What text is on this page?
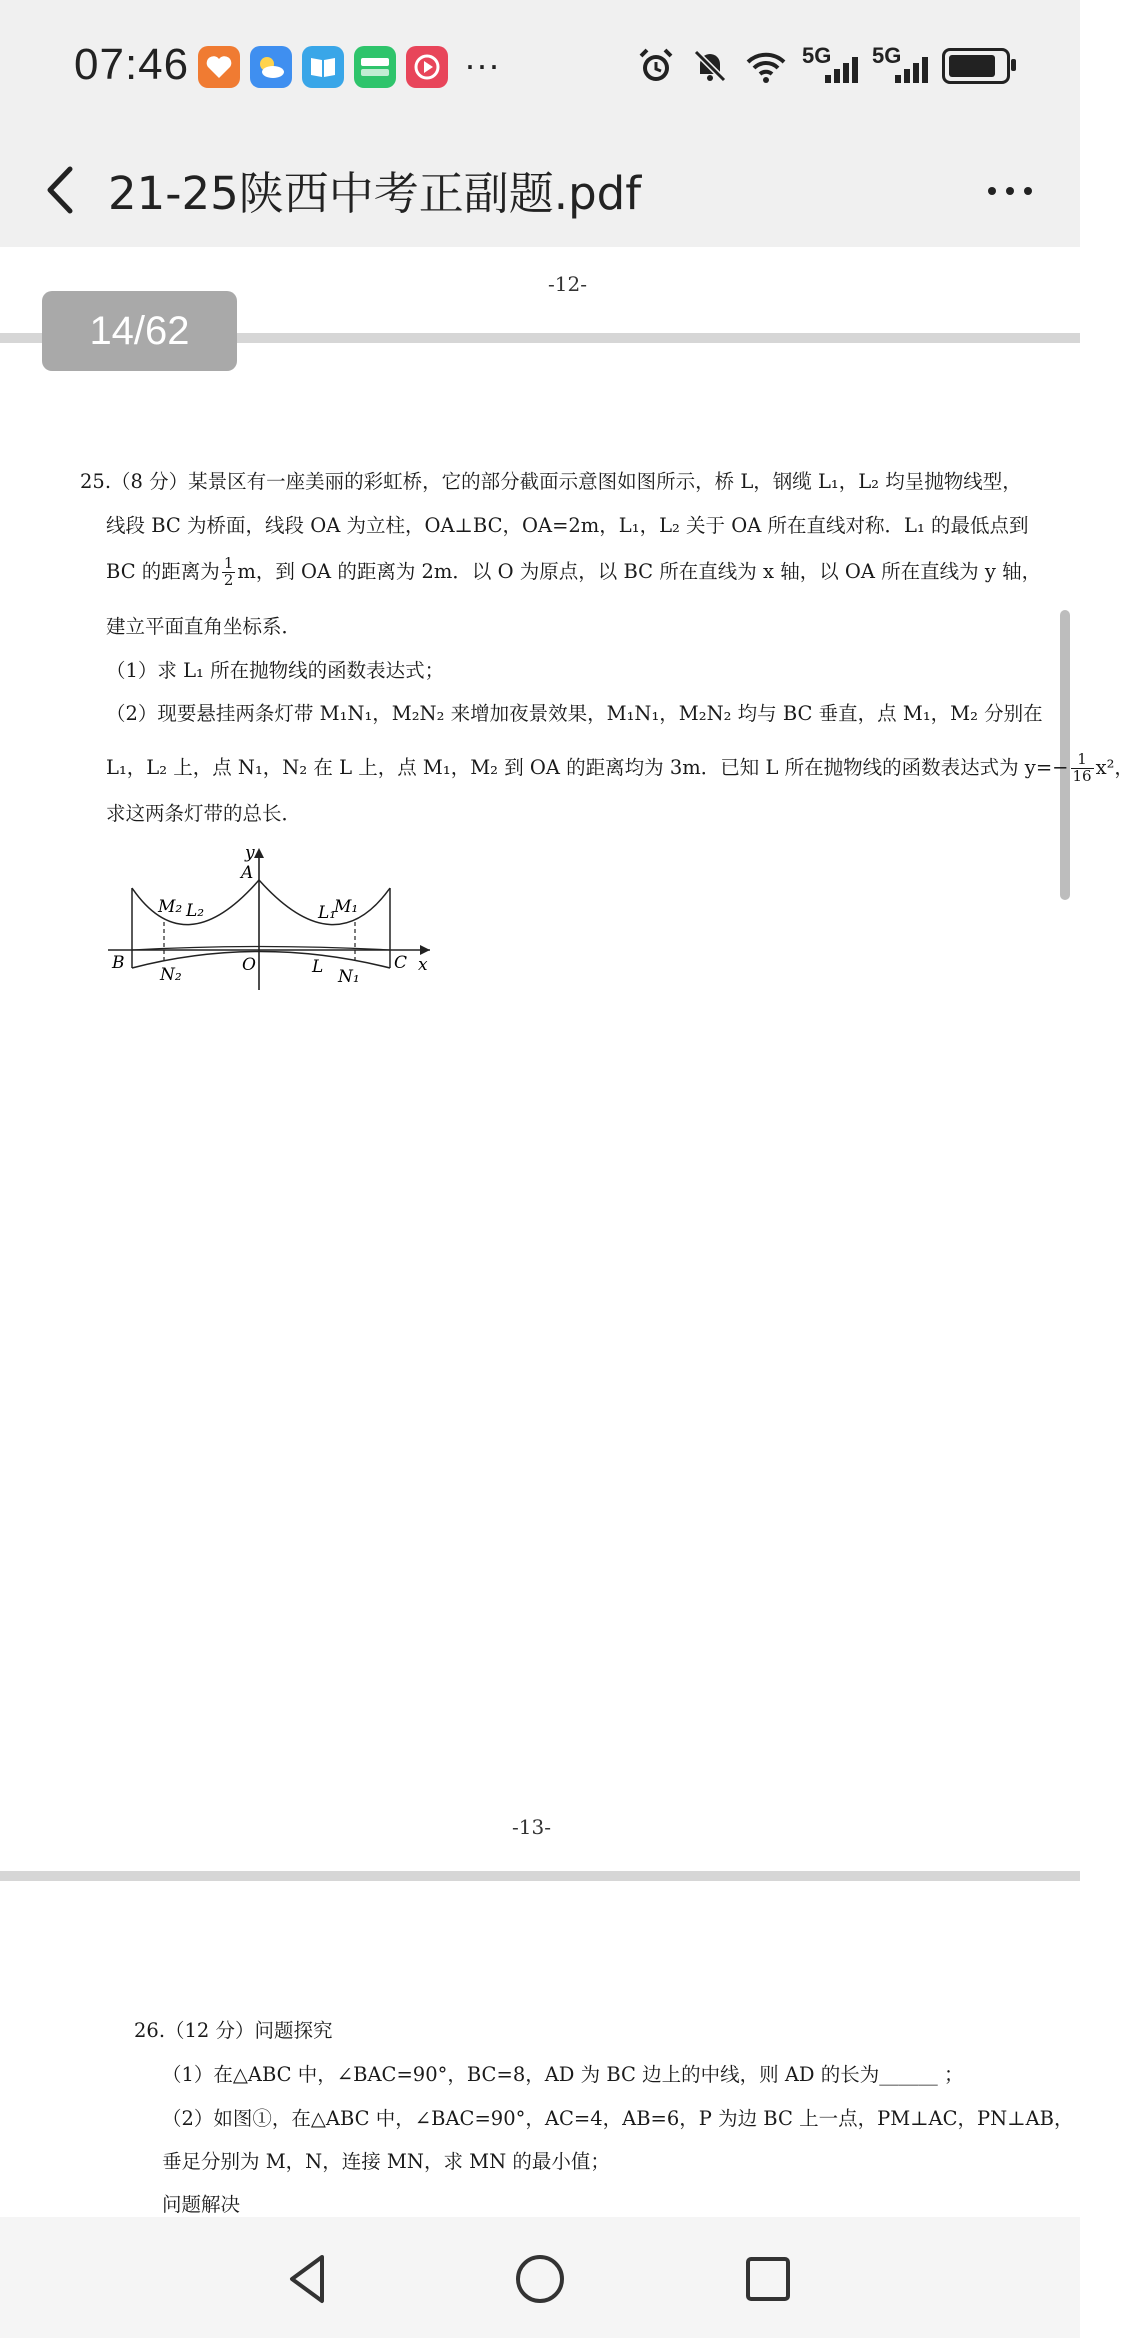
07:46	···	5G 5G
21-25陕西中考正副题.pdf
-12-
14/62
25.（8 分）某景区有一座美丽的彩虹桥，它的部分截面示意图如图所示，桥 L，钢缆 L₁，L₂ 均呈抛物线型，
线段 BC 为桥面，线段 OA 为立柱，OA⊥BC，OA=2m，L₁，L₂ 关于 OA 所在直线对称．L₁ 的最低点到
BC 的距离为 $\frac{1}{2}$ m，到 OA 的距离为 2m．以 O 为原点，以 BC 所在直线为 x 轴，以 OA 所在直线为 y 轴，
建立平面直角坐标系．
（1）求 L₁ 所在抛物线的函数表达式；
（2）现要悬挂两条灯带 M₁N₁，M₂N₂ 来增加夜景效果，M₁N₁，M₂N₂ 均与 BC 垂直，点 M₁，M₂ 分别在
L₁，L₂ 上，点 N₁，N₂ 在 L 上，点 M₁，M₂ 到 OA 的距离均为 3m．已知 L 所在抛物线的函数表达式为 $y=- \frac{1}{16} x^2$，
求这两条灯带的总长．
y
A
M₂ L₂	L₁
M₁
B
N₂	O	L N₁
C x
-13-
26.（12 分）问题探究
（1）在△ABC 中，∠BAC=90°，BC=8，AD 为 BC 边上的中线，则 AD 的长为______ ；
（2）如图①，在△ABC 中，∠BAC=90°，AC=4，AB=6，P 为边 BC 上一点，PM⊥AC，PN⊥AB，
垂足分别为 M，N，连接 MN，求 MN 的最小值；
问题解决
